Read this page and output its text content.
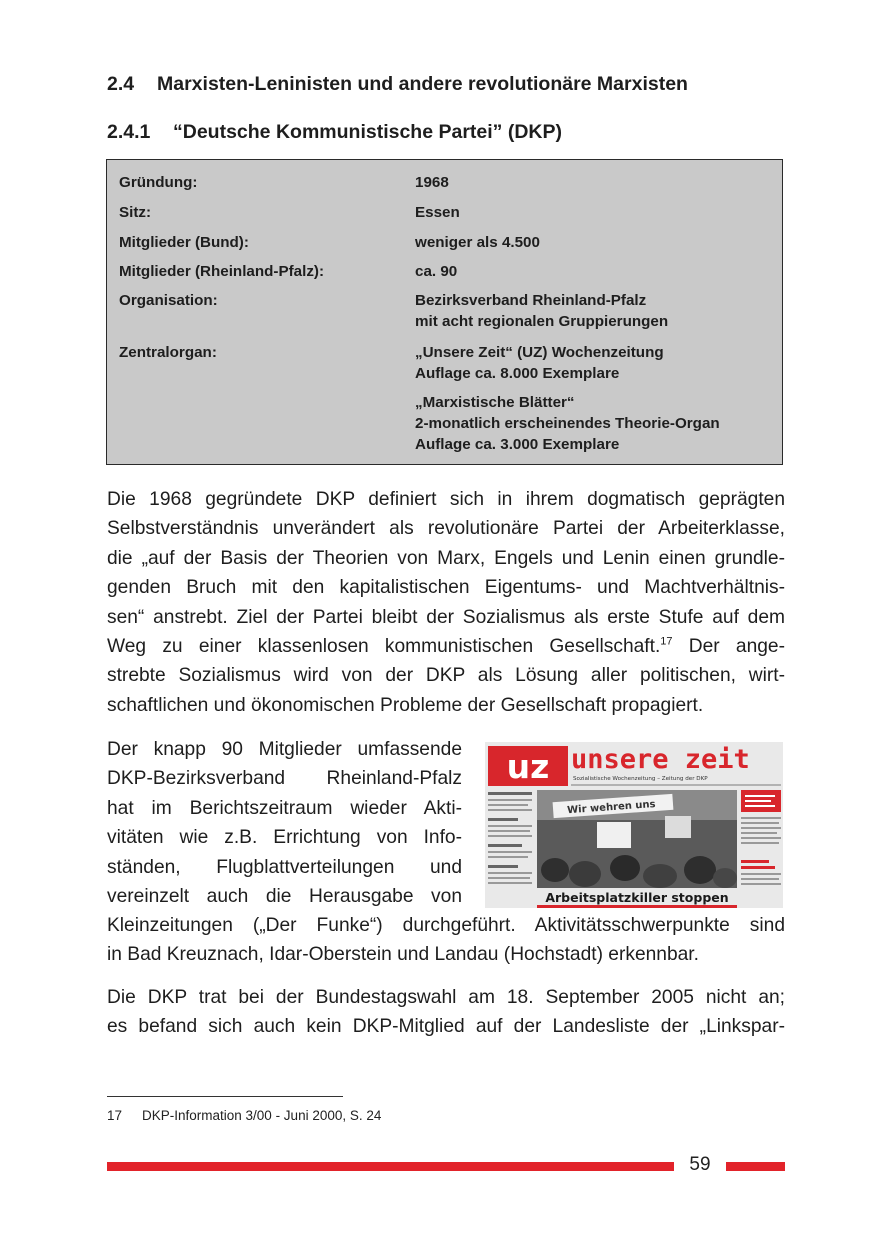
2.4 Marxisten-Leninisten und andere revolutionäre Marxisten
2.4.1 “Deutsche Kommunistische Partei” (DKP)
Gründung:	1968
Sitz:	Essen
Mitglieder (Bund):	weniger als 4.500
Mitglieder (Rheinland-Pfalz):	ca. 90
Organisation:	Bezirksverband Rheinland-Pfalz
mit acht regionalen Gruppierungen
Zentralorgan:	„Unsere Zeit“ (UZ) Wochenzeitung
Auflage ca. 8.000 Exemplare
„Marxistische Blätter“
2-monatlich erscheinendes Theorie-Organ
Auflage ca. 3.000 Exemplare
Die 1968 gegründete DKP definiert sich in ihrem dogmatisch geprägten
Selbstverständnis unverändert als revolutionäre Partei der Arbeiterklasse,
die „auf der Basis der Theorien von Marx, Engels und Lenin einen grundle-
genden Bruch mit den kapitalistischen Eigentums- und Machtverhältnis-
sen“ anstrebt. Ziel der Partei bleibt der Sozialismus als erste Stufe auf dem
Weg zu einer klassenlosen kommunistischen Gesellschaft.$^{17}$ Der ange-
strebte Sozialismus wird von der DKP als Lösung aller politischen, wirt-
schaftlichen und ökonomischen Probleme der Gesellschaft propagiert.
Der knapp 90 Mitglieder umfassende
DKP-Bezirksverband Rheinland-Pfalz
hat im Berichtszeitraum wieder Akti-
vitäten wie z.B. Errichtung von Info-
ständen, Flugblattverteilungen und
vereinzelt auch die Herausgabe von
Kleinzeitungen („Der Funke“) durchgeführt. Aktivitätsschwerpunkte sind
in Bad Kreuznach, Idar-Oberstein und Landau (Hochstadt) erkennbar.
Die DKP trat bei der Bundestagswahl am 18. September 2005 nicht an;
es befand sich auch kein DKP-Mitglied auf der Landesliste der „Linkspar-
uz unsere zeit
Sozialistische Wochenzeitung – Zeitung der DKP
Wir wehren uns
Arbeitsplatzkiller stoppen
17 DKP-Information 3/00 - Juni 2000, S. 24
59
